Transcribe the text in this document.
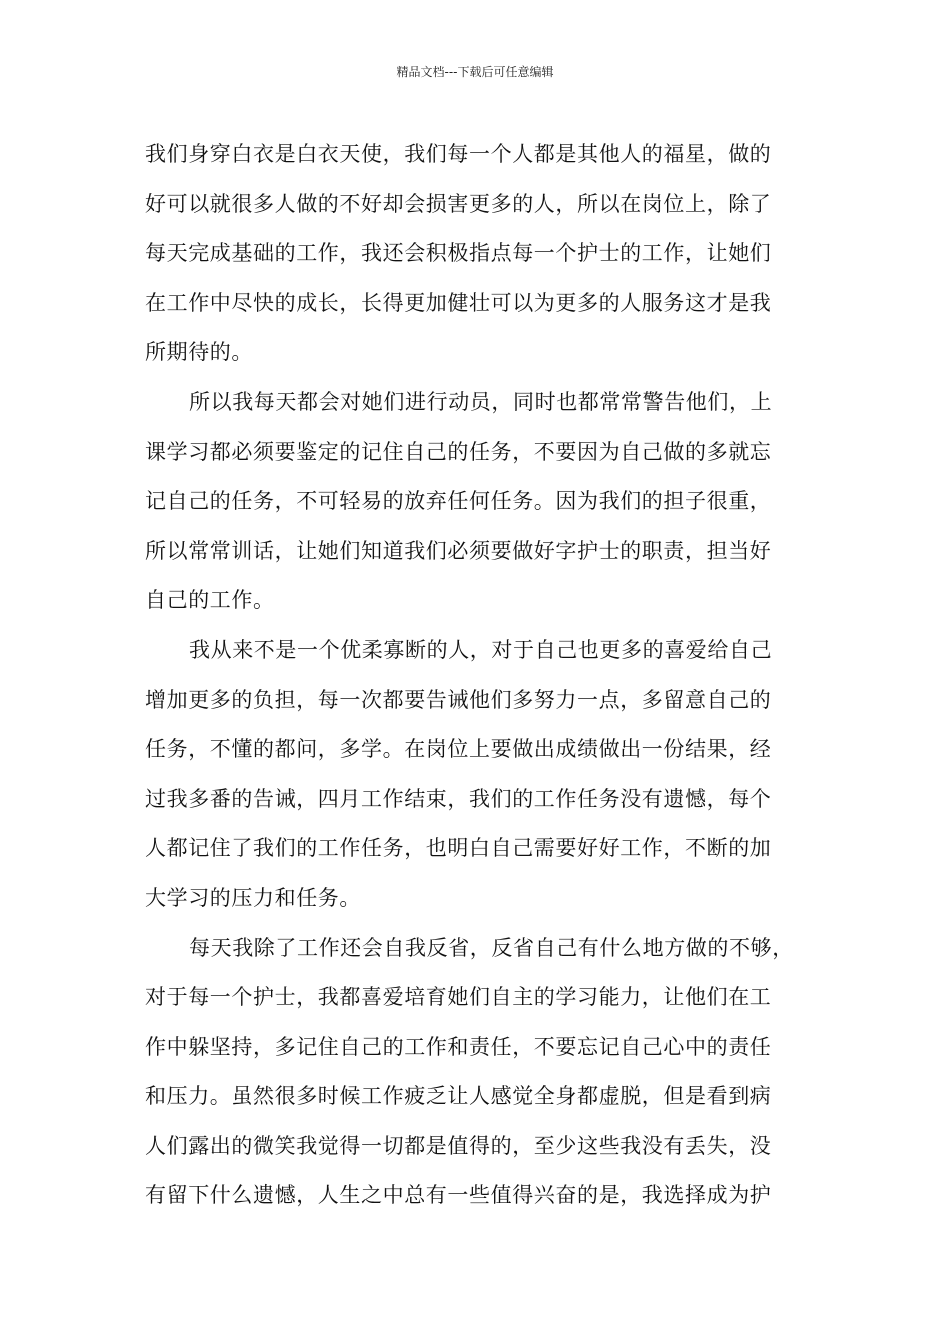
精品文档---下载后可任意编辑
我们身穿白衣是白衣天使，我们每一个人都是其他人的福星，做的
好可以就很多人做的不好却会损害更多的人，所以在岗位上，除了
每天完成基础的工作，我还会积极指点每一个护士的工作，让她们
在工作中尽快的成长，长得更加健壮可以为更多的人服务这才是我
所期待的。
所以我每天都会对她们进行动员，同时也都常常警告他们，上
课学习都必须要鉴定的记住自己的任务，不要因为自己做的多就忘
记自己的任务，不可轻易的放弃任何任务。因为我们的担子很重，
所以常常训话，让她们知道我们必须要做好字护士的职责，担当好
自己的工作。
我从来不是一个优柔寡断的人，对于自己也更多的喜爱给自己
增加更多的负担，每一次都要告诫他们多努力一点，多留意自己的
任务，不懂的都问，多学。在岗位上要做出成绩做出一份结果，经
过我多番的告诫，四月工作结束，我们的工作任务没有遗憾，每个
人都记住了我们的工作任务，也明白自己需要好好工作，不断的加
大学习的压力和任务。
每天我除了工作还会自我反省，反省自己有什么地方做的不够，
对于每一个护士，我都喜爱培育她们自主的学习能力，让他们在工
作中躲坚持，多记住自己的工作和责任，不要忘记自己心中的责任
和压力。虽然很多时候工作疲乏让人感觉全身都虚脱，但是看到病
人们露出的微笑我觉得一切都是值得的，至少这些我没有丢失，没
有留下什么遗憾，人生之中总有一些值得兴奋的是，我选择成为护
